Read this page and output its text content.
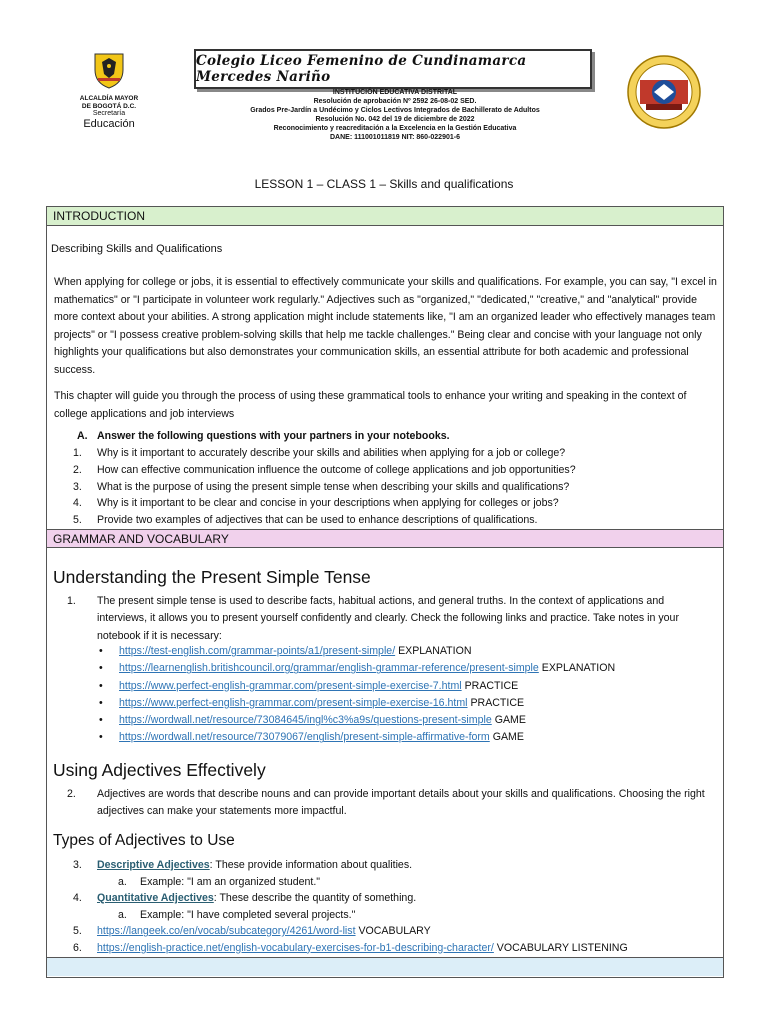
ALCALDÍA MAYOR
DE BOGOTÁ D.C.
Secretaría
Educación
Colegio Liceo Femenino de Cundinamarca Mercedes Nariño
INSTITUCIÓN EDUCATIVA DISTRITAL
Resolución de aprobación Nº 2592 26-08-02 SED.
Grados Pre-Jardín a Undécimo y Ciclos Lectivos Integrados de Bachillerato de Adultos
Resolución No. 042 del 19 de diciembre de 2022
Reconocimiento y reacreditación a la Excelencia en la Gestión Educativa
DANE: 111001011819 NIT: 860-022901-6
LESSON 1 – CLASS 1 – Skills and qualifications
INTRODUCTION
Describing Skills and Qualifications
When applying for college or jobs, it is essential to effectively communicate your skills and qualifications. For example, you can say, "I excel in mathematics" or "I participate in volunteer work regularly." Adjectives such as "organized," "dedicated," "creative," and "analytical" provide more context about your abilities. A strong application might include statements like, "I am an organized leader who effectively manages team projects" or "I possess creative problem-solving skills that help me tackle challenges." Being clear and concise with your language not only highlights your qualifications but also demonstrates your communication skills, an essential attribute for both academic and professional success.
This chapter will guide you through the process of using these grammatical tools to enhance your writing and speaking in the context of college applications and job interviews
A. Answer the following questions with your partners in your notebooks.
1. Why is it important to accurately describe your skills and abilities when applying for a job or college?
2. How can effective communication influence the outcome of college applications and job opportunities?
3. What is the purpose of using the present simple tense when describing your skills and qualifications?
4. Why is it important to be clear and concise in your descriptions when applying for colleges or jobs?
5. Provide two examples of adjectives that can be used to enhance descriptions of qualifications.
GRAMMAR AND VOCABULARY
Understanding the Present Simple Tense
1. The present simple tense is used to describe facts, habitual actions, and general truths. In the context of applications and interviews, it allows you to present yourself confidently and clearly. Check the following links and practice. Take notes in your notebook if it is necessary:
• https://test-english.com/grammar-points/a1/present-simple/ EXPLANATION
• https://learnenglish.britishcouncil.org/grammar/english-grammar-reference/present-simple EXPLANATION
• https://www.perfect-english-grammar.com/present-simple-exercise-7.html PRACTICE
• https://www.perfect-english-grammar.com/present-simple-exercise-16.html PRACTICE
• https://wordwall.net/resource/73084645/ingl%c3%a9s/questions-present-simple GAME
• https://wordwall.net/resource/73079067/english/present-simple-affirmative-form GAME
Using Adjectives Effectively
2. Adjectives are words that describe nouns and can provide important details about your skills and qualifications. Choosing the right adjectives can make your statements more impactful.
Types of Adjectives to Use
3. Descriptive Adjectives: These provide information about qualities.
a. Example: "I am an organized student."
4. Quantitative Adjectives: These describe the quantity of something.
a. Example: "I have completed several projects."
5. https://langeek.co/en/vocab/subcategory/4261/word-list VOCABULARY
6. https://english-practice.net/english-vocabulary-exercises-for-b1-describing-character/ VOCABULARY LISTENING
